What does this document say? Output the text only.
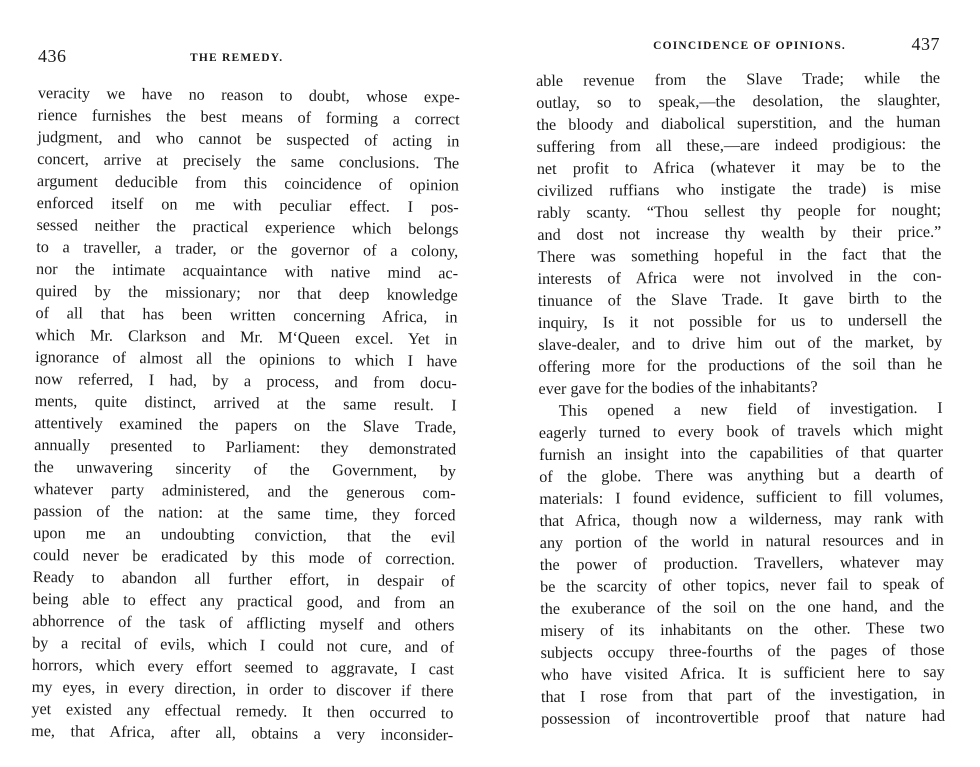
436	THE REMEDY.
veracity we have no reason to doubt, whose expe-
rience furnishes the best means of forming a correct
judgment, and who cannot be suspected of acting in
concert, arrive at precisely the same conclusions. The
argument deducible from this coincidence of opinion
enforced itself on me with peculiar effect. I pos-
sessed neither the practical experience which belongs
to a traveller, a trader, or the governor of a colony,
nor the intimate acquaintance with native mind ac-
quired by the missionary; nor that deep knowledge
of all that has been written concerning Africa, in
which Mr. Clarkson and Mr. M‘Queen excel. Yet in
ignorance of almost all the opinions to which I have
now referred, I had, by a process, and from docu-
ments, quite distinct, arrived at the same result. I
attentively examined the papers on the Slave Trade,
annually presented to Parliament: they demonstrated
the unwavering sincerity of the Government, by
whatever party administered, and the generous com-
passion of the nation: at the same time, they forced
upon me an undoubting conviction, that the evil
could never be eradicated by this mode of correction.
Ready to abandon all further effort, in despair of
being able to effect any practical good, and from an
abhorrence of the task of afflicting myself and others
by a recital of evils, which I could not cure, and of
horrors, which every effort seemed to aggravate, I cast
my eyes, in every direction, in order to discover if there
yet existed any effectual remedy. It then occurred to
me, that Africa, after all, obtains a very inconsider-
COINCIDENCE OF OPINIONS.	437
able revenue from the Slave Trade; while the
outlay, so to speak,—the desolation, the slaughter,
the bloody and diabolical superstition, and the human
suffering from all these,—are indeed prodigious: the
net profit to Africa (whatever it may be to the
civilized ruffians who instigate the trade) is mise
rably scanty. “Thou sellest thy people for nought;
and dost not increase thy wealth by their price.”
There was something hopeful in the fact that the
interests of Africa were not involved in the con-
tinuance of the Slave Trade. It gave birth to the
inquiry, Is it not possible for us to undersell the
slave-dealer, and to drive him out of the market, by
offering more for the productions of the soil than he
ever gave for the bodies of the inhabitants?
This opened a new field of investigation. I
eagerly turned to every book of travels which might
furnish an insight into the capabilities of that quarter
of the globe. There was anything but a dearth of
materials: I found evidence, sufficient to fill volumes,
that Africa, though now a wilderness, may rank with
any portion of the world in natural resources and in
the power of production. Travellers, whatever may
be the scarcity of other topics, never fail to speak of
the exuberance of the soil on the one hand, and the
misery of its inhabitants on the other. These two
subjects occupy three-fourths of the pages of those
who have visited Africa. It is sufficient here to say
that I rose from that part of the investigation, in
possession of incontrovertible proof that nature had
